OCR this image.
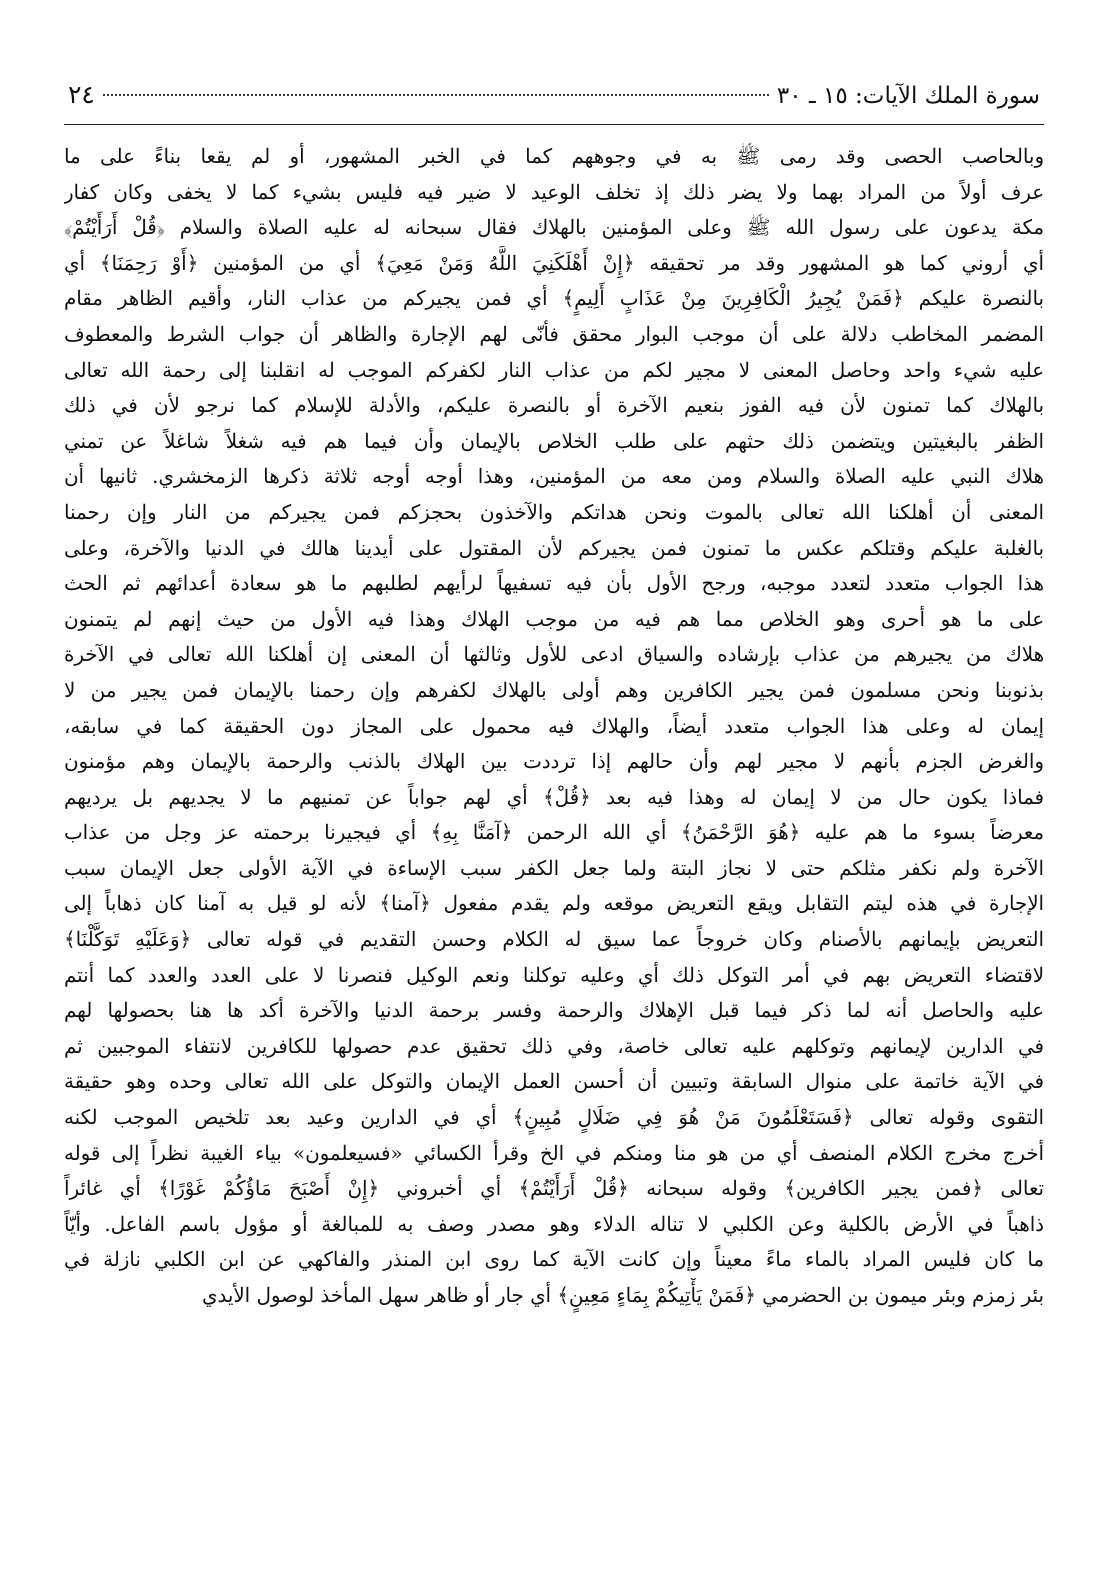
سورة الملك الآيات: ١٥ ـ ٣٠
٢٤
وبالحاصب الحصى وقد رمى ﷺ به في وجوههم كما في الخبر المشهور، أو لم يقعا بناءً على ما
عرف أولاً من المراد بهما ولا يضر ذلك إذ تخلف الوعيد لا ضير فيه فليس بشيء كما لا يخفى وكان كفار
مكة يدعون على رسول الله ﷺ وعلى المؤمنين بالهلاك فقال سبحانه له عليه الصلاة والسلام ﴿قُلْ أَرَأَيْتُمْ﴾
أي أروني كما هو المشهور وقد مر تحقيقه ﴿إِنْ أَهْلَكَنِيَ اللَّهُ وَمَنْ مَعِيَ﴾ أي من المؤمنين ﴿أَوْ رَحِمَنَا﴾ أي
بالنصرة عليكم ﴿فَمَنْ يُجِيرُ الْكَافِرِينَ مِنْ عَذَابٍ أَلِيمٍ﴾ أي فمن يجيركم من عذاب النار، وأقيم الظاهر مقام
المضمر المخاطب دلالة على أن موجب البوار محقق فأنّى لهم الإجارة والظاهر أن جواب الشرط والمعطوف
عليه شيء واحد وحاصل المعنى لا مجير لكم من عذاب النار لكفركم الموجب له انقلبنا إلى رحمة الله تعالى
بالهلاك كما تمنون لأن فيه الفوز بنعيم الآخرة أو بالنصرة عليكم، والأدلة للإسلام كما نرجو لأن في ذلك
الظفر بالبغيتين ويتضمن ذلك حثهم على طلب الخلاص بالإيمان وأن فيما هم فيه شغلاً شاغلاً عن تمني
هلاك النبي عليه الصلاة والسلام ومن معه من المؤمنين، وهذا أوجه أوجه ثلاثة ذكرها الزمخشري. ثانيها أن
المعنى أن أهلكنا الله تعالى بالموت ونحن هداتكم والآخذون بحجزكم فمن يجيركم من النار وإن رحمنا
بالغلبة عليكم وقتلكم عكس ما تمنون فمن يجيركم لأن المقتول على أيدينا هالك في الدنيا والآخرة، وعلى
هذا الجواب متعدد لتعدد موجبه، ورجح الأول بأن فيه تسفيهاً لرأيهم لطلبهم ما هو سعادة أعدائهم ثم الحث
على ما هو أحرى وهو الخلاص مما هم فيه من موجب الهلاك وهذا فيه الأول من حيث إنهم لم يتمنون
هلاك من يجيرهم من عذاب بإرشاده والسياق ادعى للأول وثالثها أن المعنى إن أهلكنا الله تعالى في الآخرة
بذنوبنا ونحن مسلمون فمن يجير الكافرين وهم أولى بالهلاك لكفرهم وإن رحمنا بالإيمان فمن يجير من لا
إيمان له وعلى هذا الجواب متعدد أيضاً، والهلاك فيه محمول على المجاز دون الحقيقة كما في سابقه،
والغرض الجزم بأنهم لا مجير لهم وأن حالهم إذا ترددت بين الهلاك بالذنب والرحمة بالإيمان وهم مؤمنون
فماذا يكون حال من لا إيمان له وهذا فيه بعد ﴿قُلْ﴾ أي لهم جواباً عن تمنيهم ما لا يجديهم بل يرديهم
معرضاً بسوء ما هم عليه ﴿هُوَ الرَّحْمَنُ﴾ أي الله الرحمن ﴿آمَنَّا بِهِ﴾ أي فيجيرنا برحمته عز وجل من عذاب
الآخرة ولم نكفر مثلكم حتى لا نجاز البتة ولما جعل الكفر سبب الإساءة في الآية الأولى جعل الإيمان سبب
الإجارة في هذه ليتم التقابل ويقع التعريض موقعه ولم يقدم مفعول ﴿آمنا﴾ لأنه لو قيل به آمنا كان ذهاباً إلى
التعريض بإيمانهم بالأصنام وكان خروجاً عما سيق له الكلام وحسن التقديم في قوله تعالى ﴿وَعَلَيْهِ تَوَكَّلْنَا﴾
لاقتضاء التعريض بهم في أمر التوكل ذلك أي وعليه توكلنا ونعم الوكيل فنصرنا لا على العدد والعدد كما أنتم
عليه والحاصل أنه لما ذكر فيما قبل الإهلاك والرحمة وفسر برحمة الدنيا والآخرة أكد ها هنا بحصولها لهم
في الدارين لإيمانهم وتوكلهم عليه تعالى خاصة، وفي ذلك تحقيق عدم حصولها للكافرين لانتفاء الموجبين ثم
في الآية خاتمة على منوال السابقة وتبيين أن أحسن العمل الإيمان والتوكل على الله تعالى وحده وهو حقيقة
التقوى وقوله تعالى ﴿فَسَتَعْلَمُونَ مَنْ هُوَ فِي ضَلَالٍ مُبِينٍ﴾ أي في الدارين وعيد بعد تلخيص الموجب لكنه
أخرج مخرج الكلام المنصف أي من هو منا ومنكم في الخ وقرأ الكسائي «فسيعلمون» بياء الغيبة نظراً إلى قوله
تعالى ﴿فمن يجير الكافرين﴾ وقوله سبحانه ﴿قُلْ أَرَأَيْتُمْ﴾ أي أخبروني ﴿إِنْ أَصْبَحَ مَاؤُكُمْ غَوْرًا﴾ أي غائراً
ذاهباً في الأرض بالكلية وعن الكلبي لا تناله الدلاء وهو مصدر وصف به للمبالغة أو مؤول باسم الفاعل. وأيّاً
ما كان فليس المراد بالماء ماءً معيناً وإن كانت الآية كما روى ابن المنذر والفاكهي عن ابن الكلبي نازلة في
بئر زمزم وبئر ميمون بن الحضرمي ﴿فَمَنْ يَأْتِيكُمْ بِمَاءٍ مَعِينٍ﴾ أي جار أو ظاهر سهل المأخذ لوصول الأيدي
